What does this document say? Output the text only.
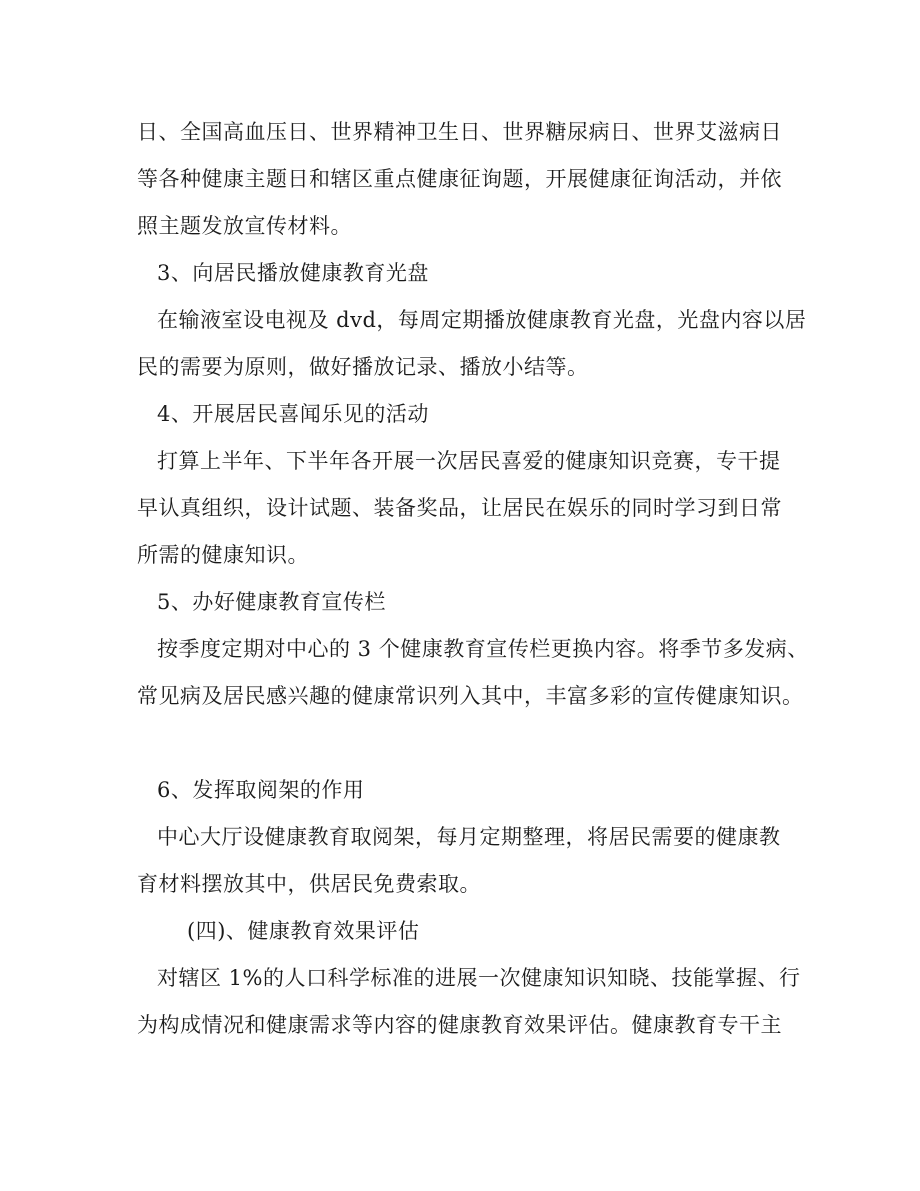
日、全国高血压日、世界精神卫生日、世界糖尿病日、世界艾滋病日
等各种健康主题日和辖区重点健康征询题，开展健康征询活动，并依
照主题发放宣传材料。
3、向居民播放健康教育光盘
在输液室设电视及 dvd，每周定期播放健康教育光盘，光盘内容以居
民的需要为原则，做好播放记录、播放小结等。
4、开展居民喜闻乐见的活动
打算上半年、下半年各开展一次居民喜爱的健康知识竞赛，专干提
早认真组织，设计试题、装备奖品，让居民在娱乐的同时学习到日常
所需的健康知识。
5、办好健康教育宣传栏
按季度定期对中心的 3 个健康教育宣传栏更换内容。将季节多发病、
常见病及居民感兴趣的健康常识列入其中，丰富多彩的宣传健康知识。
6、发挥取阅架的作用
中心大厅设健康教育取阅架，每月定期整理，将居民需要的健康教
育材料摆放其中，供居民免费索取。
(四)、健康教育效果评估
对辖区 1%的人口科学标准的进展一次健康知识知晓、技能掌握、行
为构成情况和健康需求等内容的健康教育效果评估。健康教育专干主
